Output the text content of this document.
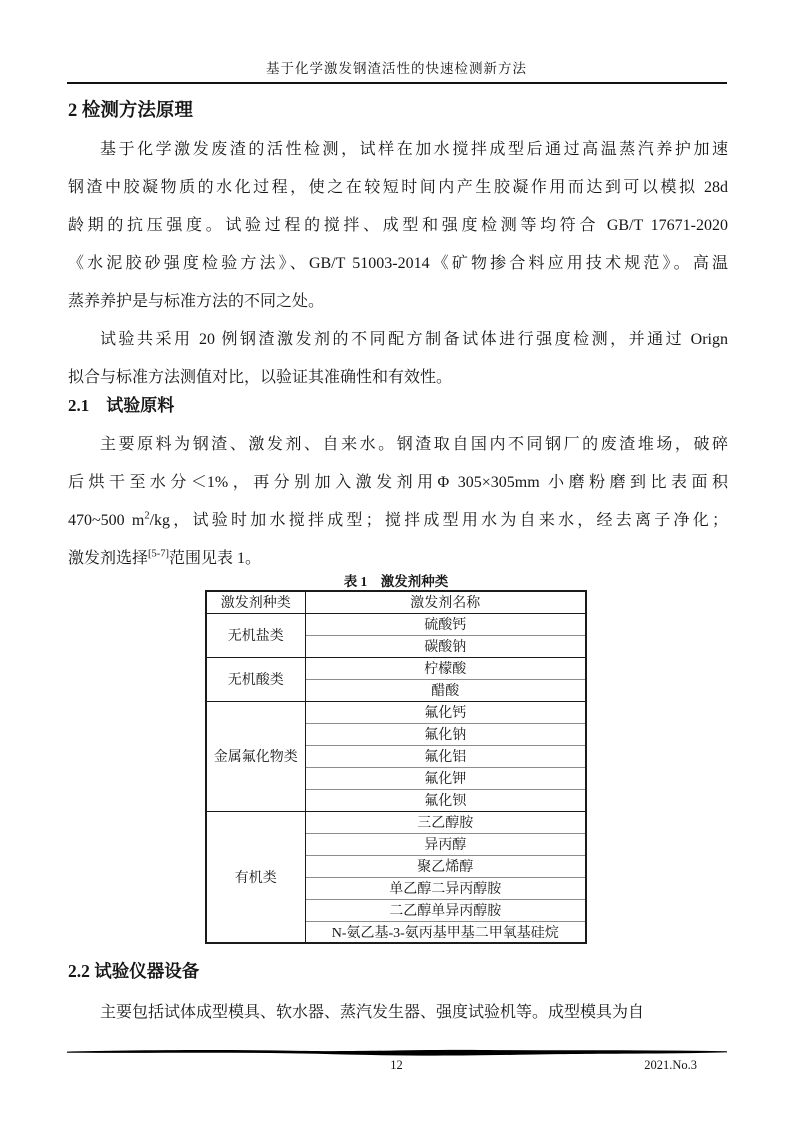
基于化学激发钢渣活性的快速检测新方法
2 检测方法原理
基于化学激发废渣的活性检测，试样在加水搅拌成型后通过高温蒸汽养护加速
钢渣中胶凝物质的水化过程，使之在较短时间内产生胶凝作用而达到可以模拟 28d
龄期的抗压强度。试验过程的搅拌、成型和强度检测等均符合 GB/T 17671-2020
《水泥胶砂强度检验方法》、GB/T 51003-2014《矿物掺合料应用技术规范》。高温
蒸养养护是与标准方法的不同之处。
试验共采用 20 例钢渣激发剂的不同配方制备试体进行强度检测，并通过 Orign
拟合与标准方法测值对比，以验证其准确性和有效性。
2.1　试验原料
主要原料为钢渣、激发剂、自来水。钢渣取自国内不同钢厂的废渣堆场，破碎
后烘干至水分＜1%，再分别加入激发剂用Φ 305×305mm 小磨粉磨到比表面积
470~500 $m^2/kg$，试验时加水搅拌成型；搅拌成型用水为自来水，经去离子净化；
激发剂选择[5-7]范围见表 1。
表 1　激发剂种类
激发剂种类	激发剂名称
无机盐类	硫酸钙
	碳酸钠
无机酸类	柠檬酸
	醋酸
金属氟化物类	氟化钙
	氟化钠
	氟化铝
	氟化钾
	氟化钡
有机类	三乙醇胺
	异丙醇
	聚乙烯醇
	单乙醇二异丙醇胺
	二乙醇单异丙醇胺
	N-氨乙基-3-氨丙基甲基二甲氧基硅烷
2.2 试验仪器设备
主要包括试体成型模具、软水器、蒸汽发生器、强度试验机等。成型模具为自
12	2021.No.3
